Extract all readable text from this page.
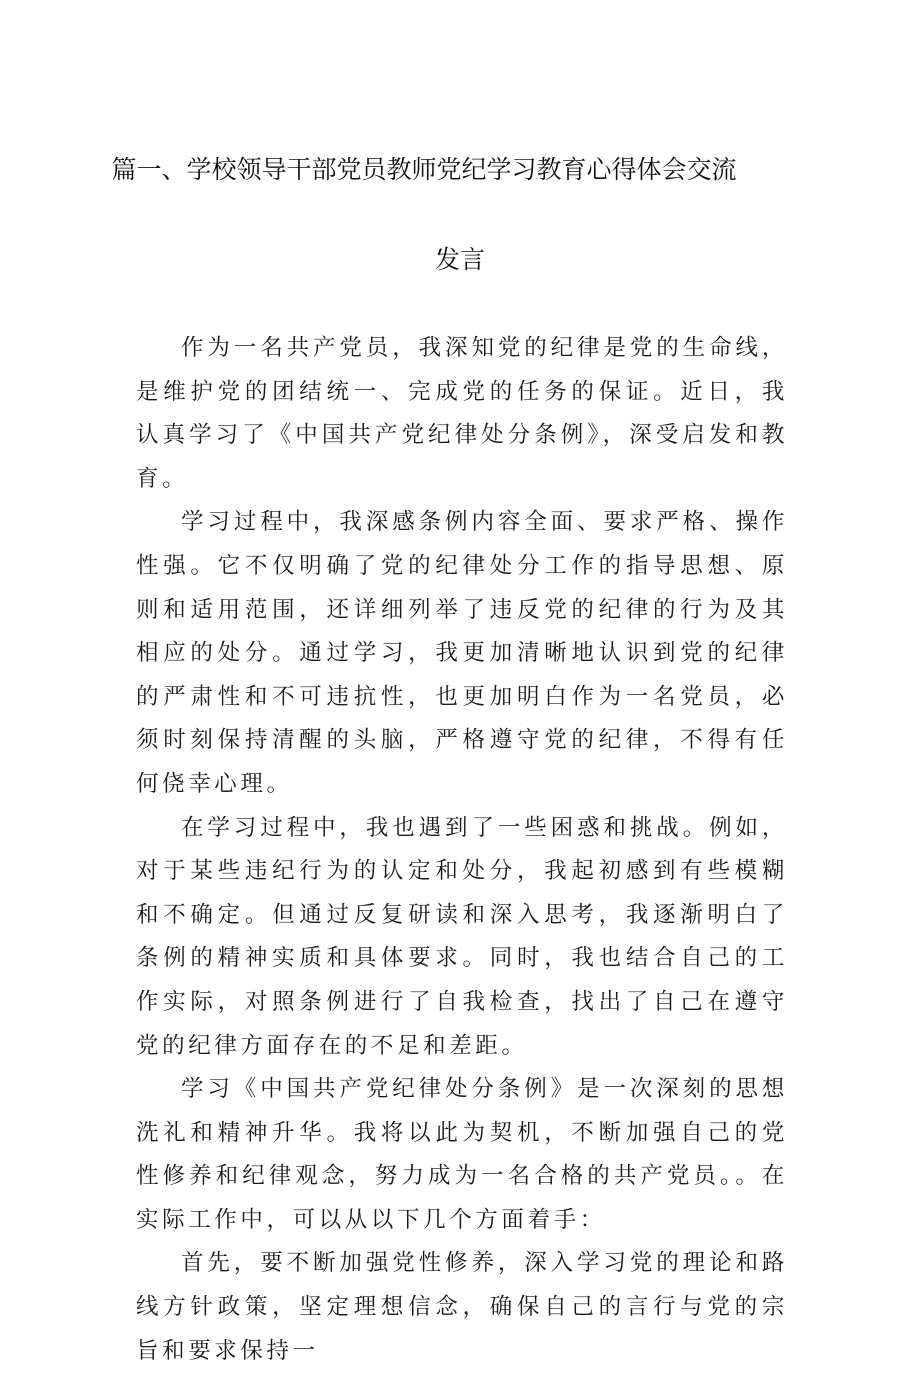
篇一、学校领导干部党员教师党纪学习教育心得体会交流
发言

作为一名共产党员，我深知党的纪律是党的生命线，是维护党的团结统一、完成党的任务的保证。近日，我认真学习了《中国共产党纪律处分条例》，深受启发和教育。

学习过程中，我深感条例内容全面、要求严格、操作性强。它不仅明确了党的纪律处分工作的指导思想、原则和适用范围，还详细列举了违反党的纪律的行为及其相应的处分。通过学习，我更加清晰地认识到党的纪律的严肃性和不可违抗性，也更加明白作为一名党员，必须时刻保持清醒的头脑，严格遵守党的纪律，不得有任何侥幸心理。

在学习过程中，我也遇到了一些困惑和挑战。例如，对于某些违纪行为的认定和处分，我起初感到有些模糊和不确定。但通过反复研读和深入思考，我逐渐明白了条例的精神实质和具体要求。同时，我也结合自己的工作实际，对照条例进行了自我检查，找出了自己在遵守党的纪律方面存在的不足和差距。

学习《中国共产党纪律处分条例》是一次深刻的思想洗礼和精神升华。我将以此为契机，不断加强自己的党性修养和纪律观念，努力成为一名合格的共产党员。。在实际工作中，可以从以下几个方面着手：

首先，要不断加强党性修养，深入学习党的理论和路线方针政策，坚定理想信念，确保自己的言行与党的宗旨和要求保持一
